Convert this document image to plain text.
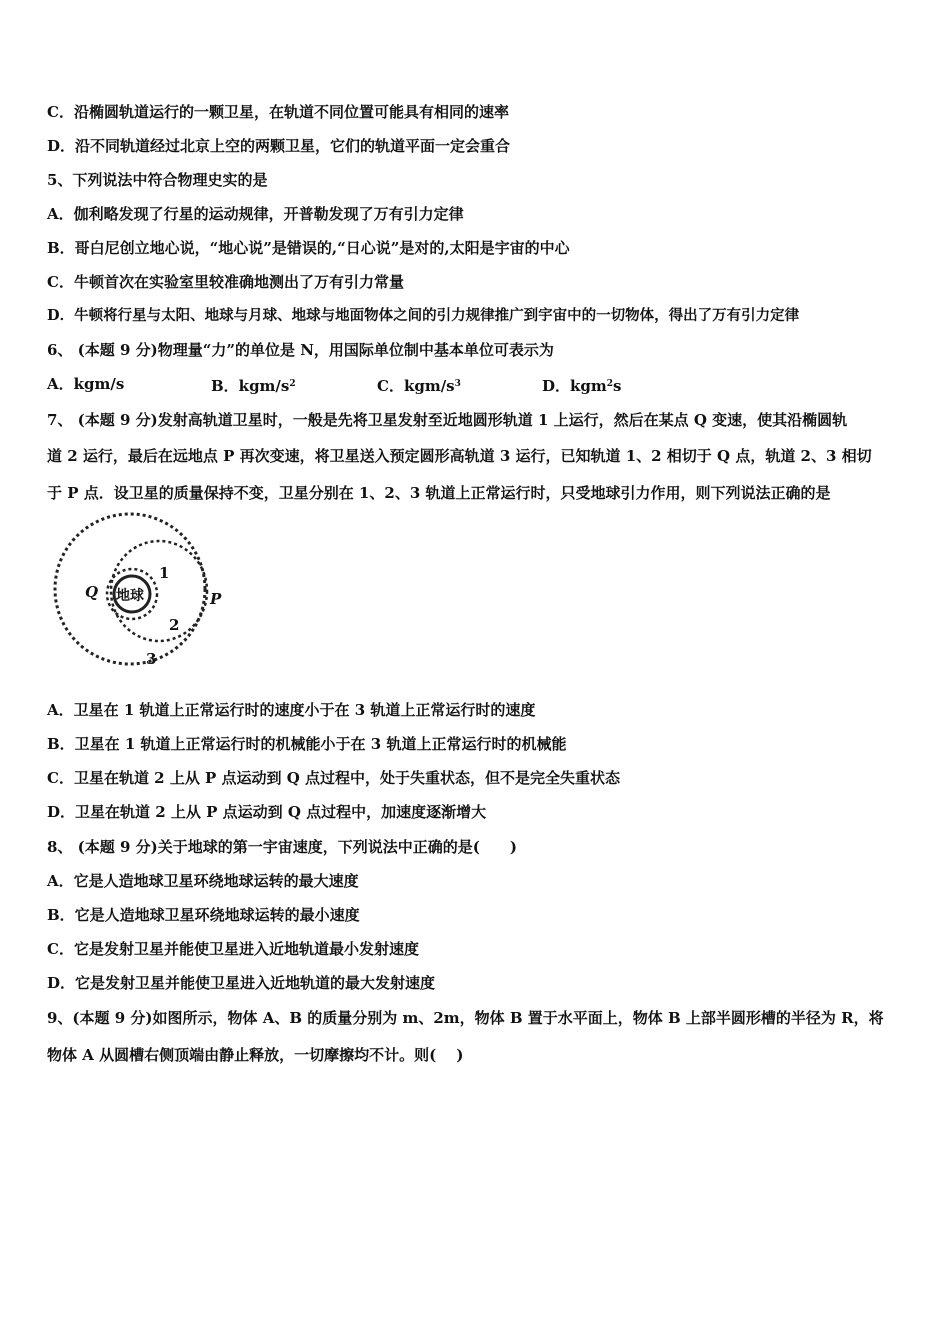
C．沿椭圆轨道运行的一颗卫星，在轨道不同位置可能具有相同的速率
D．沿不同轨道经过北京上空的两颗卫星，它们的轨道平面一定会重合
5、下列说法中符合物理史实的是
A．伽利略发现了行星的运动规律，开普勒发现了万有引力定律
B．哥白尼创立地心说，“地心说”是错误的,“日心说”是对的,太阳是宇宙的中心
C．牛顿首次在实验室里较准确地测出了万有引力常量
D．牛顿将行星与太阳、地球与月球、地球与地面物体之间的引力规律推广到宇宙中的一切物体，得出了万有引力定律
6、 (本题 9 分)物理量“力”的单位是 N，用国际单位制中基本单位可表示为
A．kgm/s	B．kgm/$s^2$	C．kgm/$s^3$	D．kgm$^2$s
7、 (本题 9 分)发射高轨道卫星时，一般是先将卫星发射至近地圆形轨道 1 上运行，然后在某点 Q 变速，使其沿椭圆轨
道 2 运行，最后在远地点 P 再次变速，将卫星送入预定圆形高轨道 3 运行，已知轨道 1、2 相切于 Q 点，轨道 2、3 相切
于 P 点．设卫星的质量保持不变，卫星分别在 1、2、3 轨道上正常运行时，只受地球引力作用，则下列说法正确的是
地球
Q	P
1
2
3
A．卫星在 1 轨道上正常运行时的速度小于在 3 轨道上正常运行时的速度
B．卫星在 1 轨道上正常运行时的机械能小于在 3 轨道上正常运行时的机械能
C．卫星在轨道 2 上从 P 点运动到 Q 点过程中，处于失重状态，但不是完全失重状态
D．卫星在轨道 2 上从 P 点运动到 Q 点过程中，加速度逐渐增大
8、 (本题 9 分)关于地球的第一宇宙速度，下列说法中正确的是(　　)
A．它是人造地球卫星环绕地球运转的最大速度
B．它是人造地球卫星环绕地球运转的最小速度
C．它是发射卫星并能使卫星进入近地轨道最小发射速度
D．它是发射卫星并能使卫星进入近地轨道的最大发射速度
9、(本题 9 分)如图所示，物体 A、B 的质量分别为 m、2m，物体 B 置于水平面上，物体 B 上部半圆形槽的半径为 R，将
物体 A 从圆槽右侧顶端由静止释放，一切摩擦均不计。则(　 )
